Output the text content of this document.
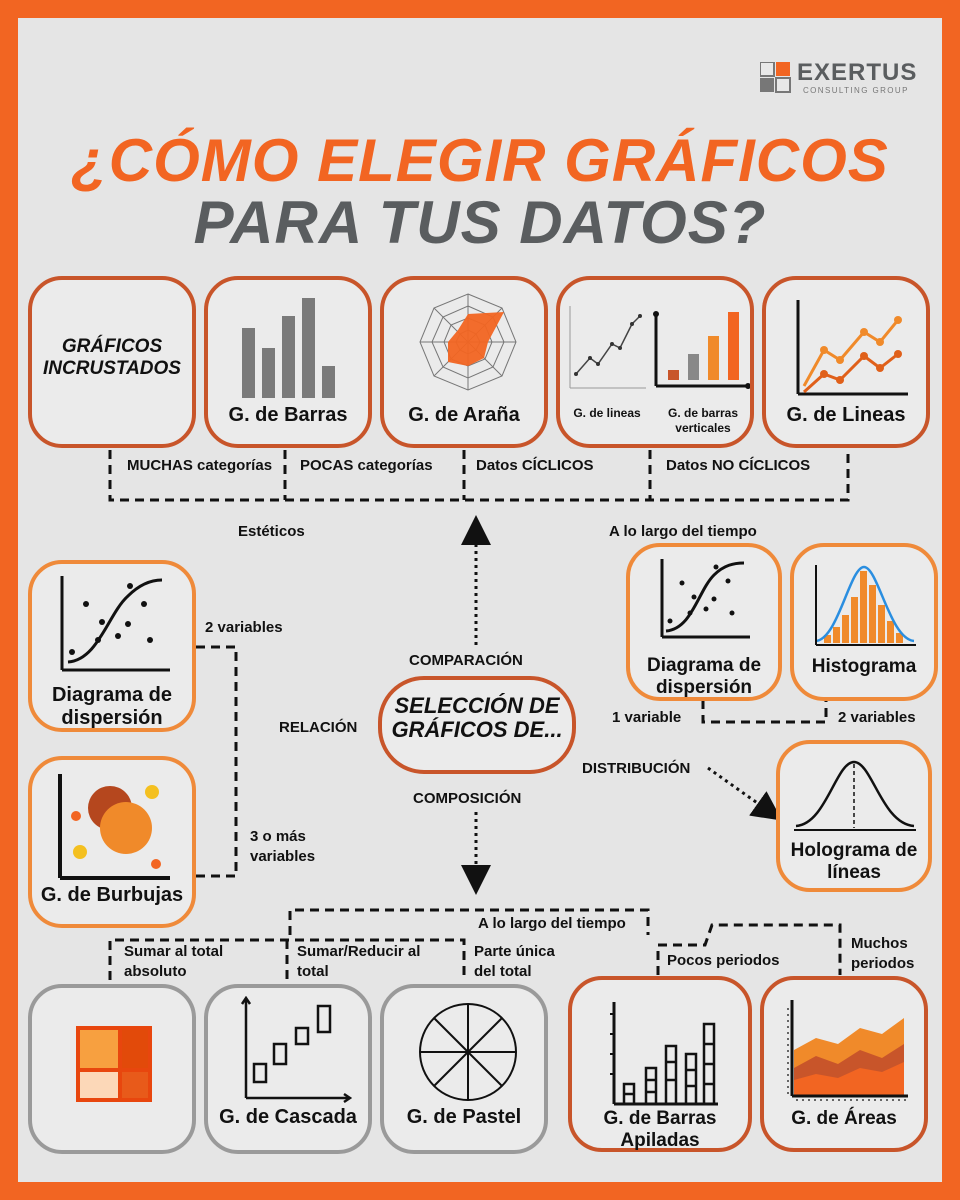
EXERTUS
CONSULTING GROUP
¿CÓMO ELEGIR GRÁFICOS
PARA TUS DATOS?
GRÁFICOS INCRUSTADOS
G. de Barras	G. de Araña	G. de lineas	G. de barras verticales
G. de Lineas
MUCHAS categorías POCAS categorías	Datos CÍCLICOS	Datos NO CÍCLICOS
Estéticos	A lo largo del tiempo
Diagrama de dispersión
G. de Burbujas
2 variables
3 o más variables
COMPARACIÓN
RELACIÓN
COMPOSICIÓN
DISTRIBUCIÓN
SELECCIÓN DE GRÁFICOS DE...
Diagrama de dispersión
Histograma
1 variable	2 variables
Holograma de líneas
A lo largo del tiempo
Sumar al total absoluto
Sumar/Reducir al total
Parte única del total
Pocos periodos
Muchos periodos
G. de Cascada	G. de Pastel	G. de Barras Apiladas
G. de Áreas
